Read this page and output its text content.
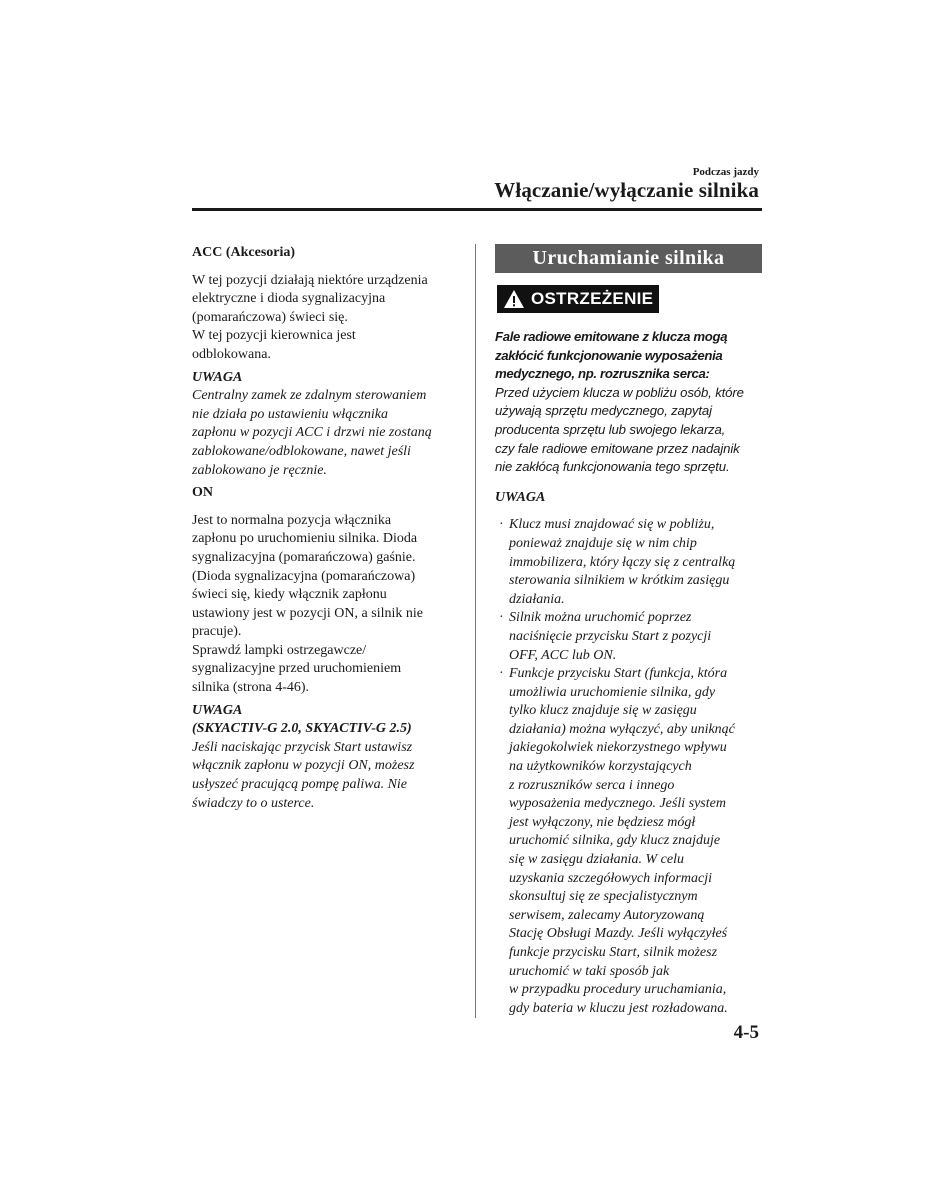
Podczas jazdy
Włączanie/wyłączanie silnika

ACC (Akcesoria)

W tej pozycji działają niektóre urządzenia
elektryczne i dioda sygnalizacyjna
(pomarańczowa) świeci się.
W tej pozycji kierownica jest
odblokowana.

UWAGA

Centralny zamek ze zdalnym sterowaniem
nie działa po ustawieniu włącznika
zapłonu w pozycji ACC i drzwi nie zostaną
zablokowane/odblokowane, nawet jeśli
zablokowano je ręcznie.

ON

Jest to normalna pozycja włącznika
zapłonu po uruchomieniu silnika. Dioda
sygnalizacyjna (pomarańczowa) gaśnie.
(Dioda sygnalizacyjna (pomarańczowa)
świeci się, kiedy włącznik zapłonu
ustawiony jest w pozycji ON, a silnik nie
pracuje).
Sprawdź lampki ostrzegawcze/
sygnalizacyjne przed uruchomieniem
silnika (strona 4-46).

UWAGA

(SKYACTIV-G 2.0, SKYACTIV-G 2.5)

Jeśli naciskając przycisk Start ustawisz
włącznik zapłonu w pozycji ON, możesz
usłyszeć pracującą pompę paliwa. Nie
świadczy to o usterce.
Uruchamianie silnika
OSTRZEŻENIE
Fale radiowe emitowane z klucza mogą
zakłócić funkcjonowanie wyposażenia
medycznego, np. rozrusznika serca:
Przed użyciem klucza w pobliżu osób, które
używają sprzętu medycznego, zapytaj
producenta sprzętu lub swojego lekarza,
czy fale radiowe emitowane przez nadajnik
nie zakłócą funkcjonowania tego sprzętu.

UWAGA

· Klucz musi znajdować się w pobliżu,
ponieważ znajduje się w nim chip
immobilizera, który łączy się z centralką
sterowania silnikiem w krótkim zasięgu
działania.
· Silnik można uruchomić poprzez
naciśnięcie przycisku Start z pozycji
OFF, ACC lub ON.
· Funkcje przycisku Start (funkcja, która
umożliwia uruchomienie silnika, gdy
tylko klucz znajduje się w zasięgu
działania) można wyłączyć, aby uniknąć
jakiegokolwiek niekorzystnego wpływu
na użytkowników korzystających
z rozruszników serca i innego
wyposażenia medycznego. Jeśli system
jest wyłączony, nie będziesz mógł
uruchomić silnika, gdy klucz znajduje
się w zasięgu działania. W celu
uzyskania szczegółowych informacji
skonsultuj się ze specjalistycznym
serwisem, zalecamy Autoryzowaną
Stację Obsługi Mazdy. Jeśli wyłączyłeś
funkcje przycisku Start, silnik możesz
uruchomić w taki sposób jak
w przypadku procedury uruchamiania,
gdy bateria w kluczu jest rozładowana.
4-5
